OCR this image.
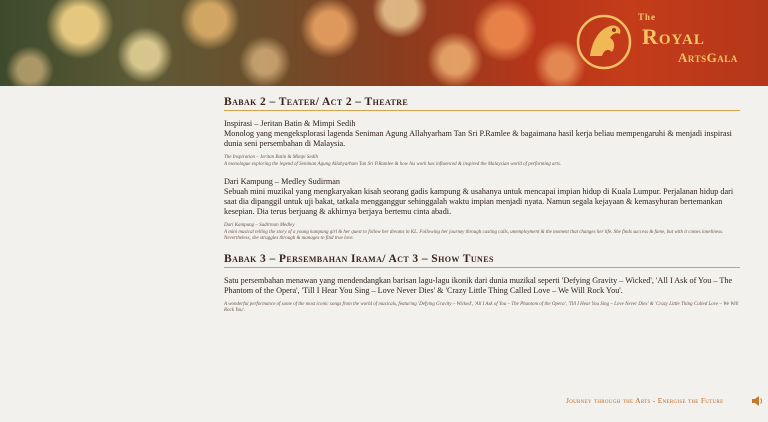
The
Royal
ArtsGala
Babak 2 – Teater/ Act 2 – Theatre

Inspirasi – Jeritan Batin & Mimpi Sedih

Monolog yang mengeksplorasi lagenda Seniman Agung Allahyarham Tan Sri P.Ramlee & bagaimana hasil kerja beliau mempengaruhi & menjadi inspirasi dunia seni persembahan di Malaysia.

The Inspiration – Jeritan Batin & Mimpi Sedih

A monologue exploring the legend of Seniman Agung Allahyarham Tan Sri P.Ramlee & how his work has influenced & inspired the Malaysian world of performing arts.

Dari Kampung – Medley Sudirman

Sebuah mini muzikal yang mengkaryakan kisah seorang gadis kampung & usahanya untuk mencapai impian hidup di Kuala Lumpur. Perjalanan hidup dari saat dia dipanggil untuk uji bakat, tatkala mengganggur sehinggalah waktu impian menjadi nyata. Namun segala kejayaan & kemasyhuran bertemankan kesepian. Dia terus berjuang & akhirnya berjaya bertemu cinta abadi.

Dari Kampung – Sudirman Medley

A mini musical telling the story of a young kampung girl & her quest to follow her dreams in KL. Following her journey through casting calls, unemployment & the moment that changes her life. She finds success & fame, but with it comes loneliness. Nevertheless, she struggles through & manages to find true love.

Babak 3 – Persembahan Irama/ Act 3 – Show Tunes

Satu persembahan menawan yang mendendangkan barisan lagu-lagu ikonik dari dunia muzikal seperti 'Defying Gravity – Wicked', 'All I Ask of You – The Phantom of the Opera', 'Till I Hear You Sing – Love Never Dies' & 'Crazy Little Thing Called Love – We Will Rock You'.

A wonderful performance of some of the most iconic songs from the world of musicals, featuring 'Defying Gravity – Wicked', 'All I Ask of You – The Phantom of the Opera', 'Till I Hear You Sing – Love Never Dies' & 'Crazy Little Thing Called Love – We Will Rock You'.

Journey through the Arts - Energise the Future
